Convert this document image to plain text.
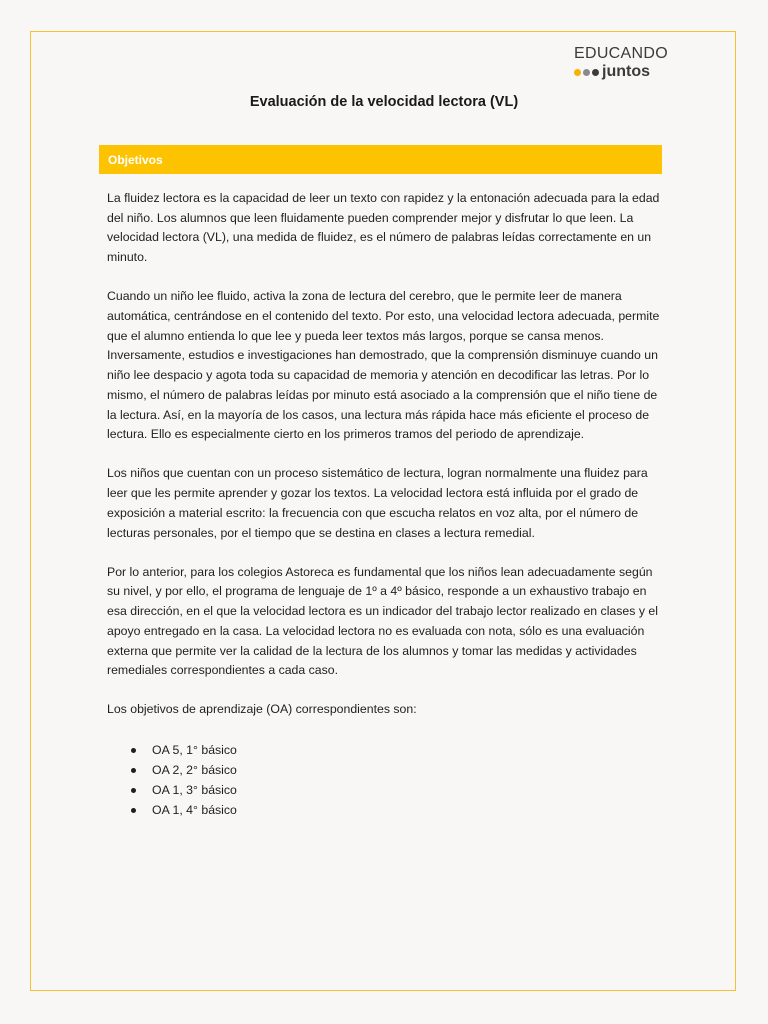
EDUCANDO
juntos
Evaluación de la velocidad lectora (VL)
Objetivos

La fluidez lectora es la capacidad de leer un texto con rapidez y la entonación adecuada para la edad del niño. Los alumnos que leen fluidamente pueden comprender mejor y disfrutar lo que leen. La velocidad lectora (VL), una medida de fluidez, es el número de palabras leídas correctamente en un minuto.

Cuando un niño lee fluido, activa la zona de lectura del cerebro, que le permite leer de manera automática, centrándose en el contenido del texto. Por esto, una velocidad lectora adecuada, permite que el alumno entienda lo que lee y pueda leer textos más largos, porque se cansa menos. Inversamente, estudios e investigaciones han demostrado, que la comprensión disminuye cuando un niño lee despacio y agota toda su capacidad de memoria y atención en decodificar las letras. Por lo mismo, el número de palabras leídas por minuto está asociado a la comprensión que el niño tiene de la lectura. Así, en la mayoría de los casos, una lectura más rápida hace más eficiente el proceso de lectura. Ello es especialmente cierto en los primeros tramos del periodo de aprendizaje.

Los niños que cuentan con un proceso sistemático de lectura, logran normalmente una fluidez para leer que les permite aprender y gozar los textos. La velocidad lectora está influida por el grado de exposición a material escrito: la frecuencia con que escucha relatos en voz alta, por el número de lecturas personales, por el tiempo que se destina en clases a lectura remedial.

Por lo anterior, para los colegios Astoreca es fundamental que los niños lean adecuadamente según su nivel, y por ello, el programa de lenguaje de 1º a 4º básico, responde a un exhaustivo trabajo en esa dirección, en el que la velocidad lectora es un indicador del trabajo lector realizado en clases y el apoyo entregado en la casa. La velocidad lectora no es evaluada con nota, sólo es una evaluación externa que permite ver la calidad de la lectura de los alumnos y tomar las medidas y actividades remediales correspondientes a cada caso.

Los objetivos de aprendizaje (OA) correspondientes son:

OA 5, 1° básico
OA 2, 2° básico
OA 1, 3° básico
OA 1, 4° básico
